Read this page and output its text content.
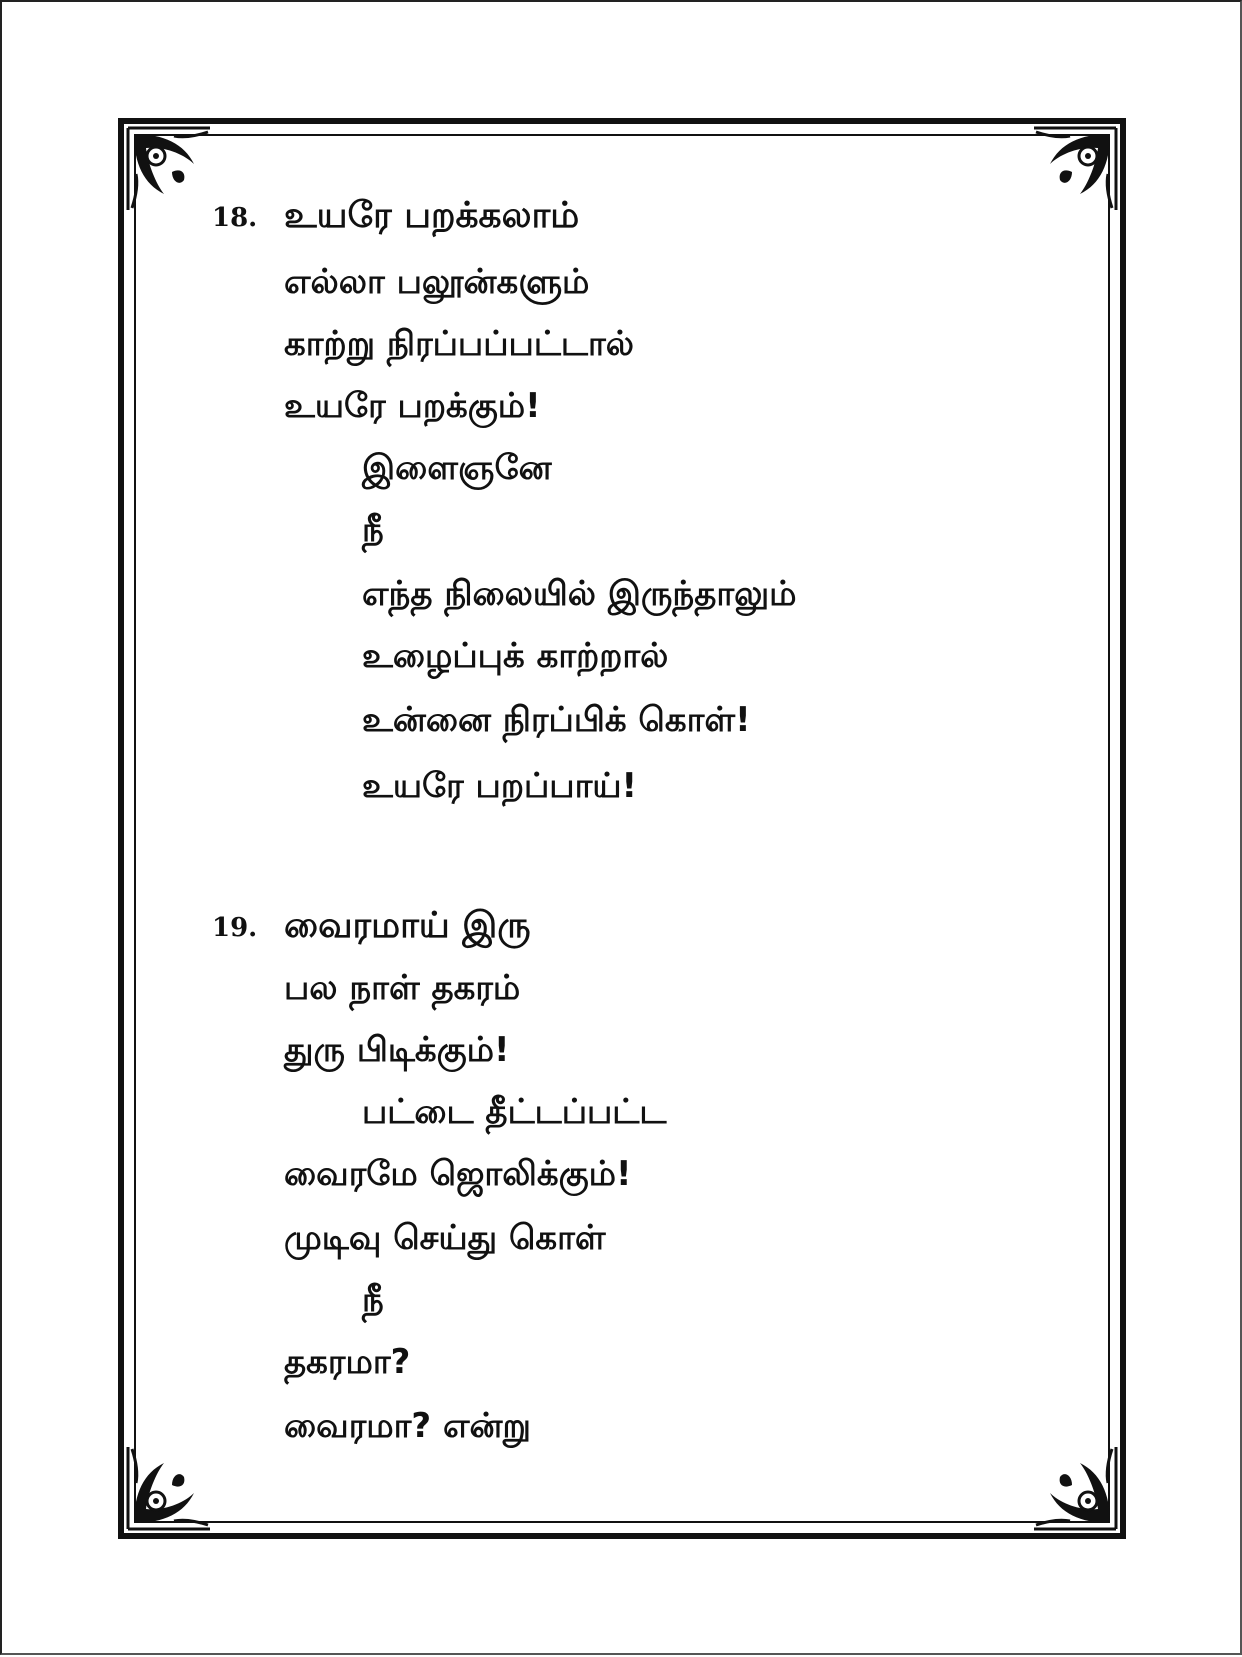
18. உயரே பறக்கலாம்
எல்லா பலூன்களும்
காற்று நிரப்பப்பட்டால்
உயரே பறக்கும்!
இளைஞனே
நீ
எந்த நிலையில் இருந்தாலும்
உழைப்புக் காற்றால்
உன்னை நிரப்பிக் கொள்!
உயரே பறப்பாய்!
19. வைரமாய் இரு
பல நாள் தகரம்
துரு பிடிக்கும்!
பட்டை தீட்டப்பட்ட
வைரமே ஜொலிக்கும்!
முடிவு செய்து கொள்
நீ
தகரமா?
வைரமா? என்று
